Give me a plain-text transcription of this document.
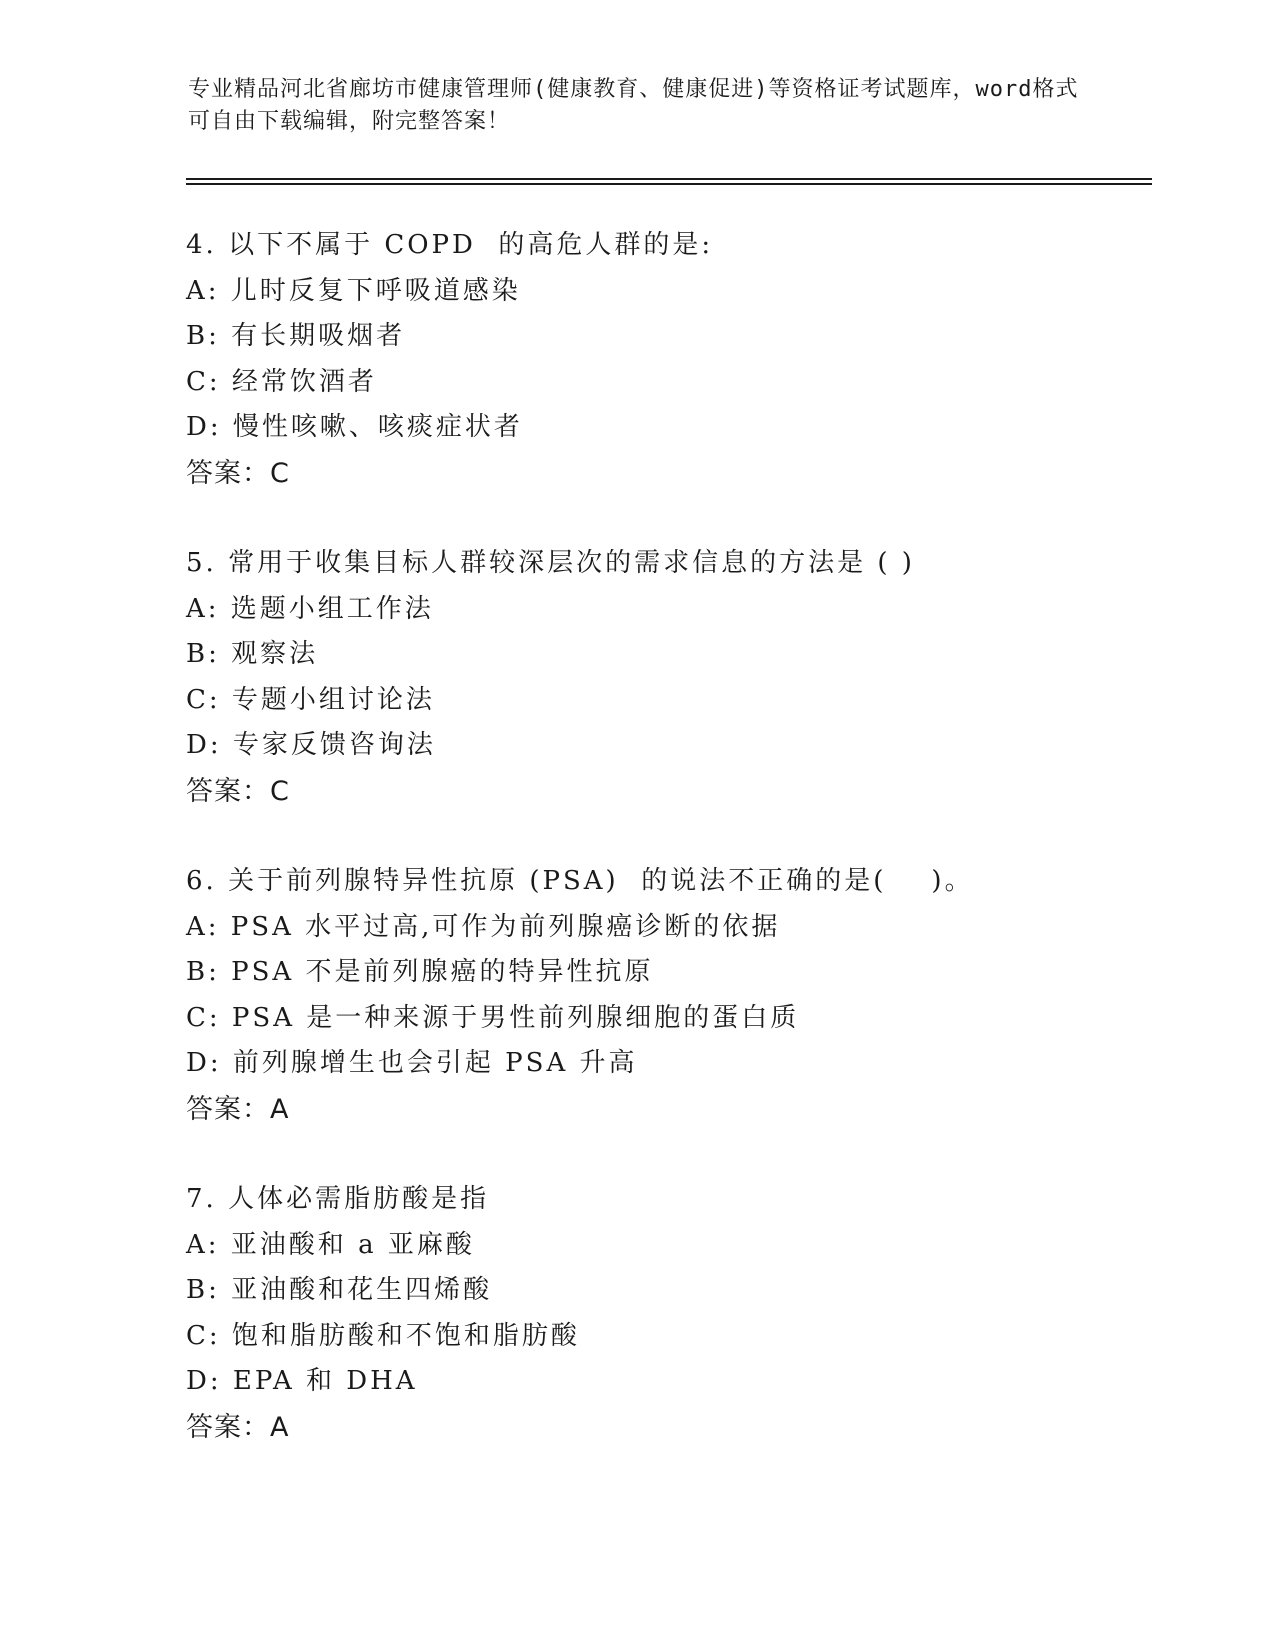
专业精品河北省廊坊市健康管理师(健康教育、健康促进)等资格证考试题库，word格式可自由下载编辑，附完整答案！
4. 以下不属于 COPD  的高危人群的是:
A: 儿时反复下呼吸道感染
B: 有长期吸烟者
C: 经常饮酒者
D: 慢性咳嗽、咳痰症状者
答案：C
5. 常用于收集目标人群较深层次的需求信息的方法是 ( )
A: 选题小组工作法
B: 观察法
C: 专题小组讨论法
D: 专家反馈咨询法
答案：C
6. 关于前列腺特异性抗原 (PSA)  的说法不正确的是(    )。
A: PSA 水平过高,可作为前列腺癌诊断的依据
B: PSA 不是前列腺癌的特异性抗原
C: PSA 是一种来源于男性前列腺细胞的蛋白质
D: 前列腺增生也会引起 PSA 升高
答案：A
7. 人体必需脂肪酸是指
A: 亚油酸和 a 亚麻酸
B: 亚油酸和花生四烯酸
C: 饱和脂肪酸和不饱和脂肪酸
D: EPA 和 DHA
答案：A
